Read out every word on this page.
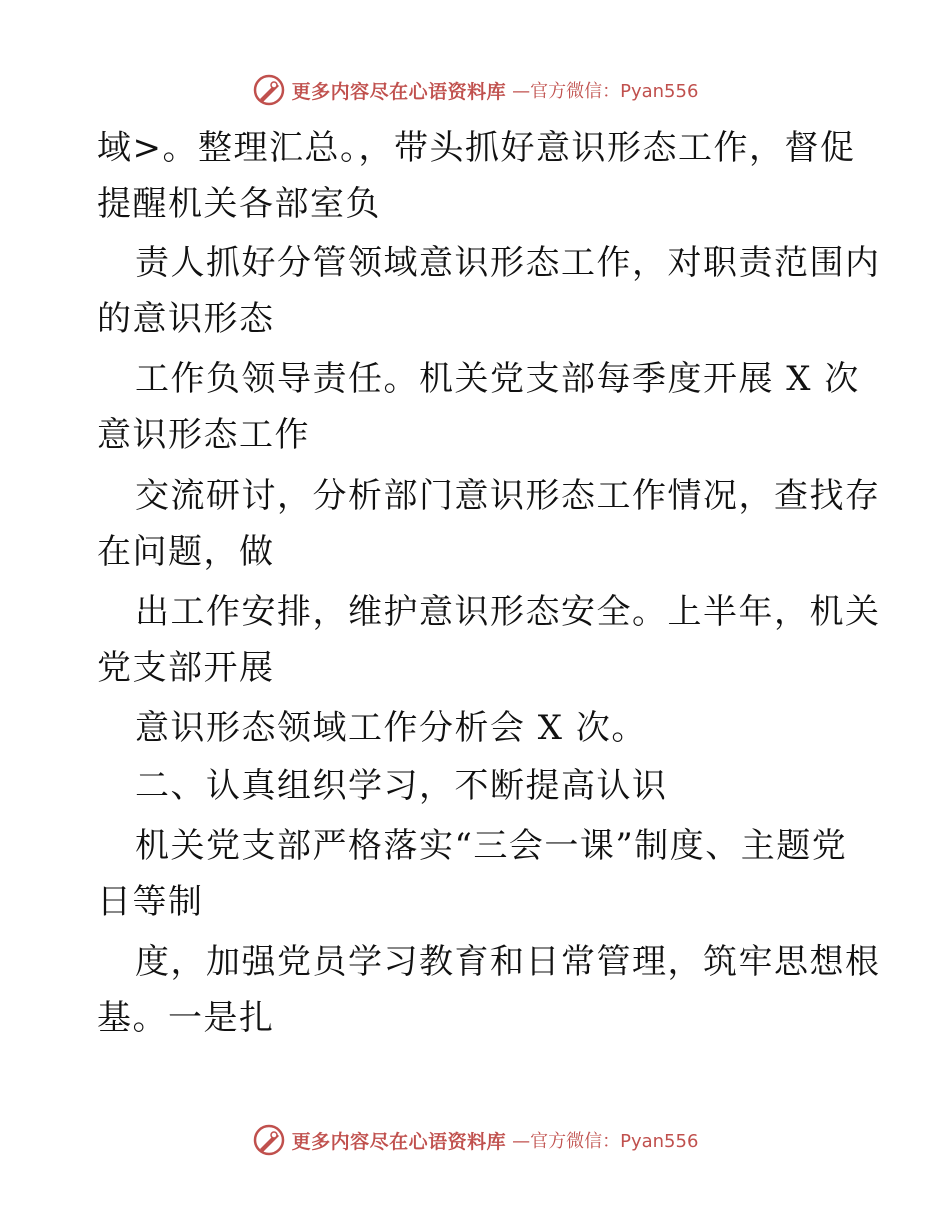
更多内容尽在心语资料库 —官方微信：Pyan556
域>。整理汇总。，带头抓好意识形态工作，督促
提醒机关各部室负
责人抓好分管领域意识形态工作，对职责范围内
的意识形态
工作负领导责任。机关党支部每季度开展 X 次
意识形态工作
交流研讨，分析部门意识形态工作情况，查找存
在问题，做
出工作安排，维护意识形态安全。上半年，机关
党支部开展
意识形态领域工作分析会 X 次。
二、认真组织学习，不断提高认识
机关党支部严格落实“三会一课”制度、主题党
日等制
度，加强党员学习教育和日常管理，筑牢思想根
基。一是扎
更多内容尽在心语资料库 —官方微信：Pyan556
